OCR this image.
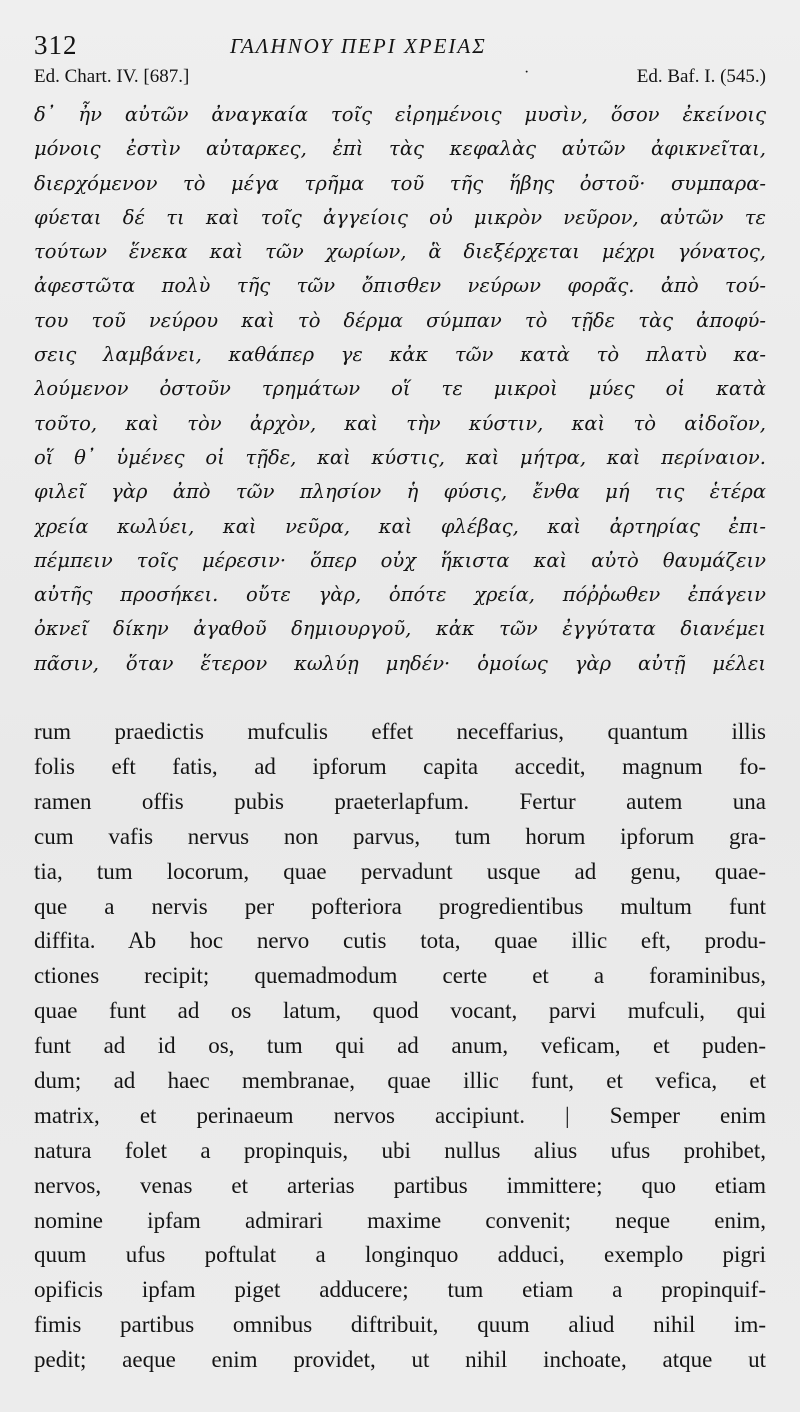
312	ΓΑΛΗΝΟΥ ΠΕΡΙ ΧΡΕΙΑΣ
Ed. Chart. IV. [687.]	·	Ed. Baf. I. (545.)
δ᾽ ἦν αὐτῶν ἀναγκαία τοῖς εἰρημένοις μυσὶν, ὅσον ἐκείνοις
μόνοις ἐστὶν αὐταρκες, ἐπὶ τὰς κεφαλὰς αὐτῶν ἀφικνεῖται,
διερχόμενον τὸ μέγα τρῆμα τοῦ τῆς ἥβης ὀστοῦ· συμπαρα-
φύεται δέ τι καὶ τοῖς ἀγγείοις οὐ μικρὸν νεῦρον, αὐτῶν τε
τούτων ἕνεκα καὶ τῶν χωρίων, ἃ διεξέρχεται μέχρι γόνατος,
ἀφεστῶτα πολὺ τῆς τῶν ὄπισθεν νεύρων φορᾶς. ἀπὸ τού-
του τοῦ νεύρου καὶ τὸ δέρμα σύμπαν τὸ τῇδε τὰς ἀποφύ-
σεις λαμβάνει, καθάπερ γε κἀκ τῶν κατὰ τὸ πλατὺ κα-
λούμενον ὀστοῦν τρημάτων οἵ τε μικροὶ μύες οἱ κατὰ
τοῦτο, καὶ τὸν ἀρχὸν, καὶ τὴν κύστιν, καὶ τὸ αἰδοῖον,
οἵ θ᾽ ὑμένες οἱ τῇδε, καὶ κύστις, καὶ μήτρα, καὶ περίναιον.
φιλεῖ γὰρ ἀπὸ τῶν πλησίον ἡ φύσις, ἔνθα μή τις ἑτέρα
χρεία κωλύει, καὶ νεῦρα, καὶ φλέβας, καὶ ἀρτηρίας ἐπι-
πέμπειν τοῖς μέρεσιν· ὅπερ οὐχ ἥκιστα καὶ αὐτὸ θαυμάζειν
αὐτῆς προσήκει. οὔτε γὰρ, ὁπότε χρεία, πόῤῥωθεν ἐπάγειν
ὀκνεῖ δίκην ἀγαθοῦ δημιουργοῦ, κἀκ τῶν ἐγγύτατα διανέμει
πᾶσιν, ὅταν ἕτερον κωλύῃ μηδέν· ὁμοίως γὰρ αὐτῇ μέλει
rum praedictis mufculis effet neceffarius, quantum illis
folis eft fatis, ad ipforum capita accedit, magnum fo-
ramen offis pubis praeterlapfum. Fertur autem una
cum vafis nervus non parvus, tum horum ipforum gra-
tia, tum locorum, quae pervadunt usque ad genu, quae-
que a nervis per pofteriora progredientibus multum funt
diffita. Ab hoc nervo cutis tota, quae illic eft, produ-
ctiones recipit; quemadmodum certe et a foraminibus,
quae funt ad os latum, quod vocant, parvi mufculi, qui
funt ad id os, tum qui ad anum, veficam, et puden-
dum; ad haec membranae, quae illic funt, et vefica, et
matrix, et perinaeum nervos accipiunt. | Semper enim
natura folet a propinquis, ubi nullus alius ufus prohibet,
nervos, venas et arterias partibus immittere; quo etiam
nomine ipfam admirari maxime convenit; neque enim,
quum ufus poftulat a longinquo adduci, exemplo pigri
opificis ipfam piget adducere; tum etiam a propinquif-
fimis partibus omnibus diftribuit, quum aliud nihil im-
pedit; aeque enim providet, ut nihil inchoate, atque ut
